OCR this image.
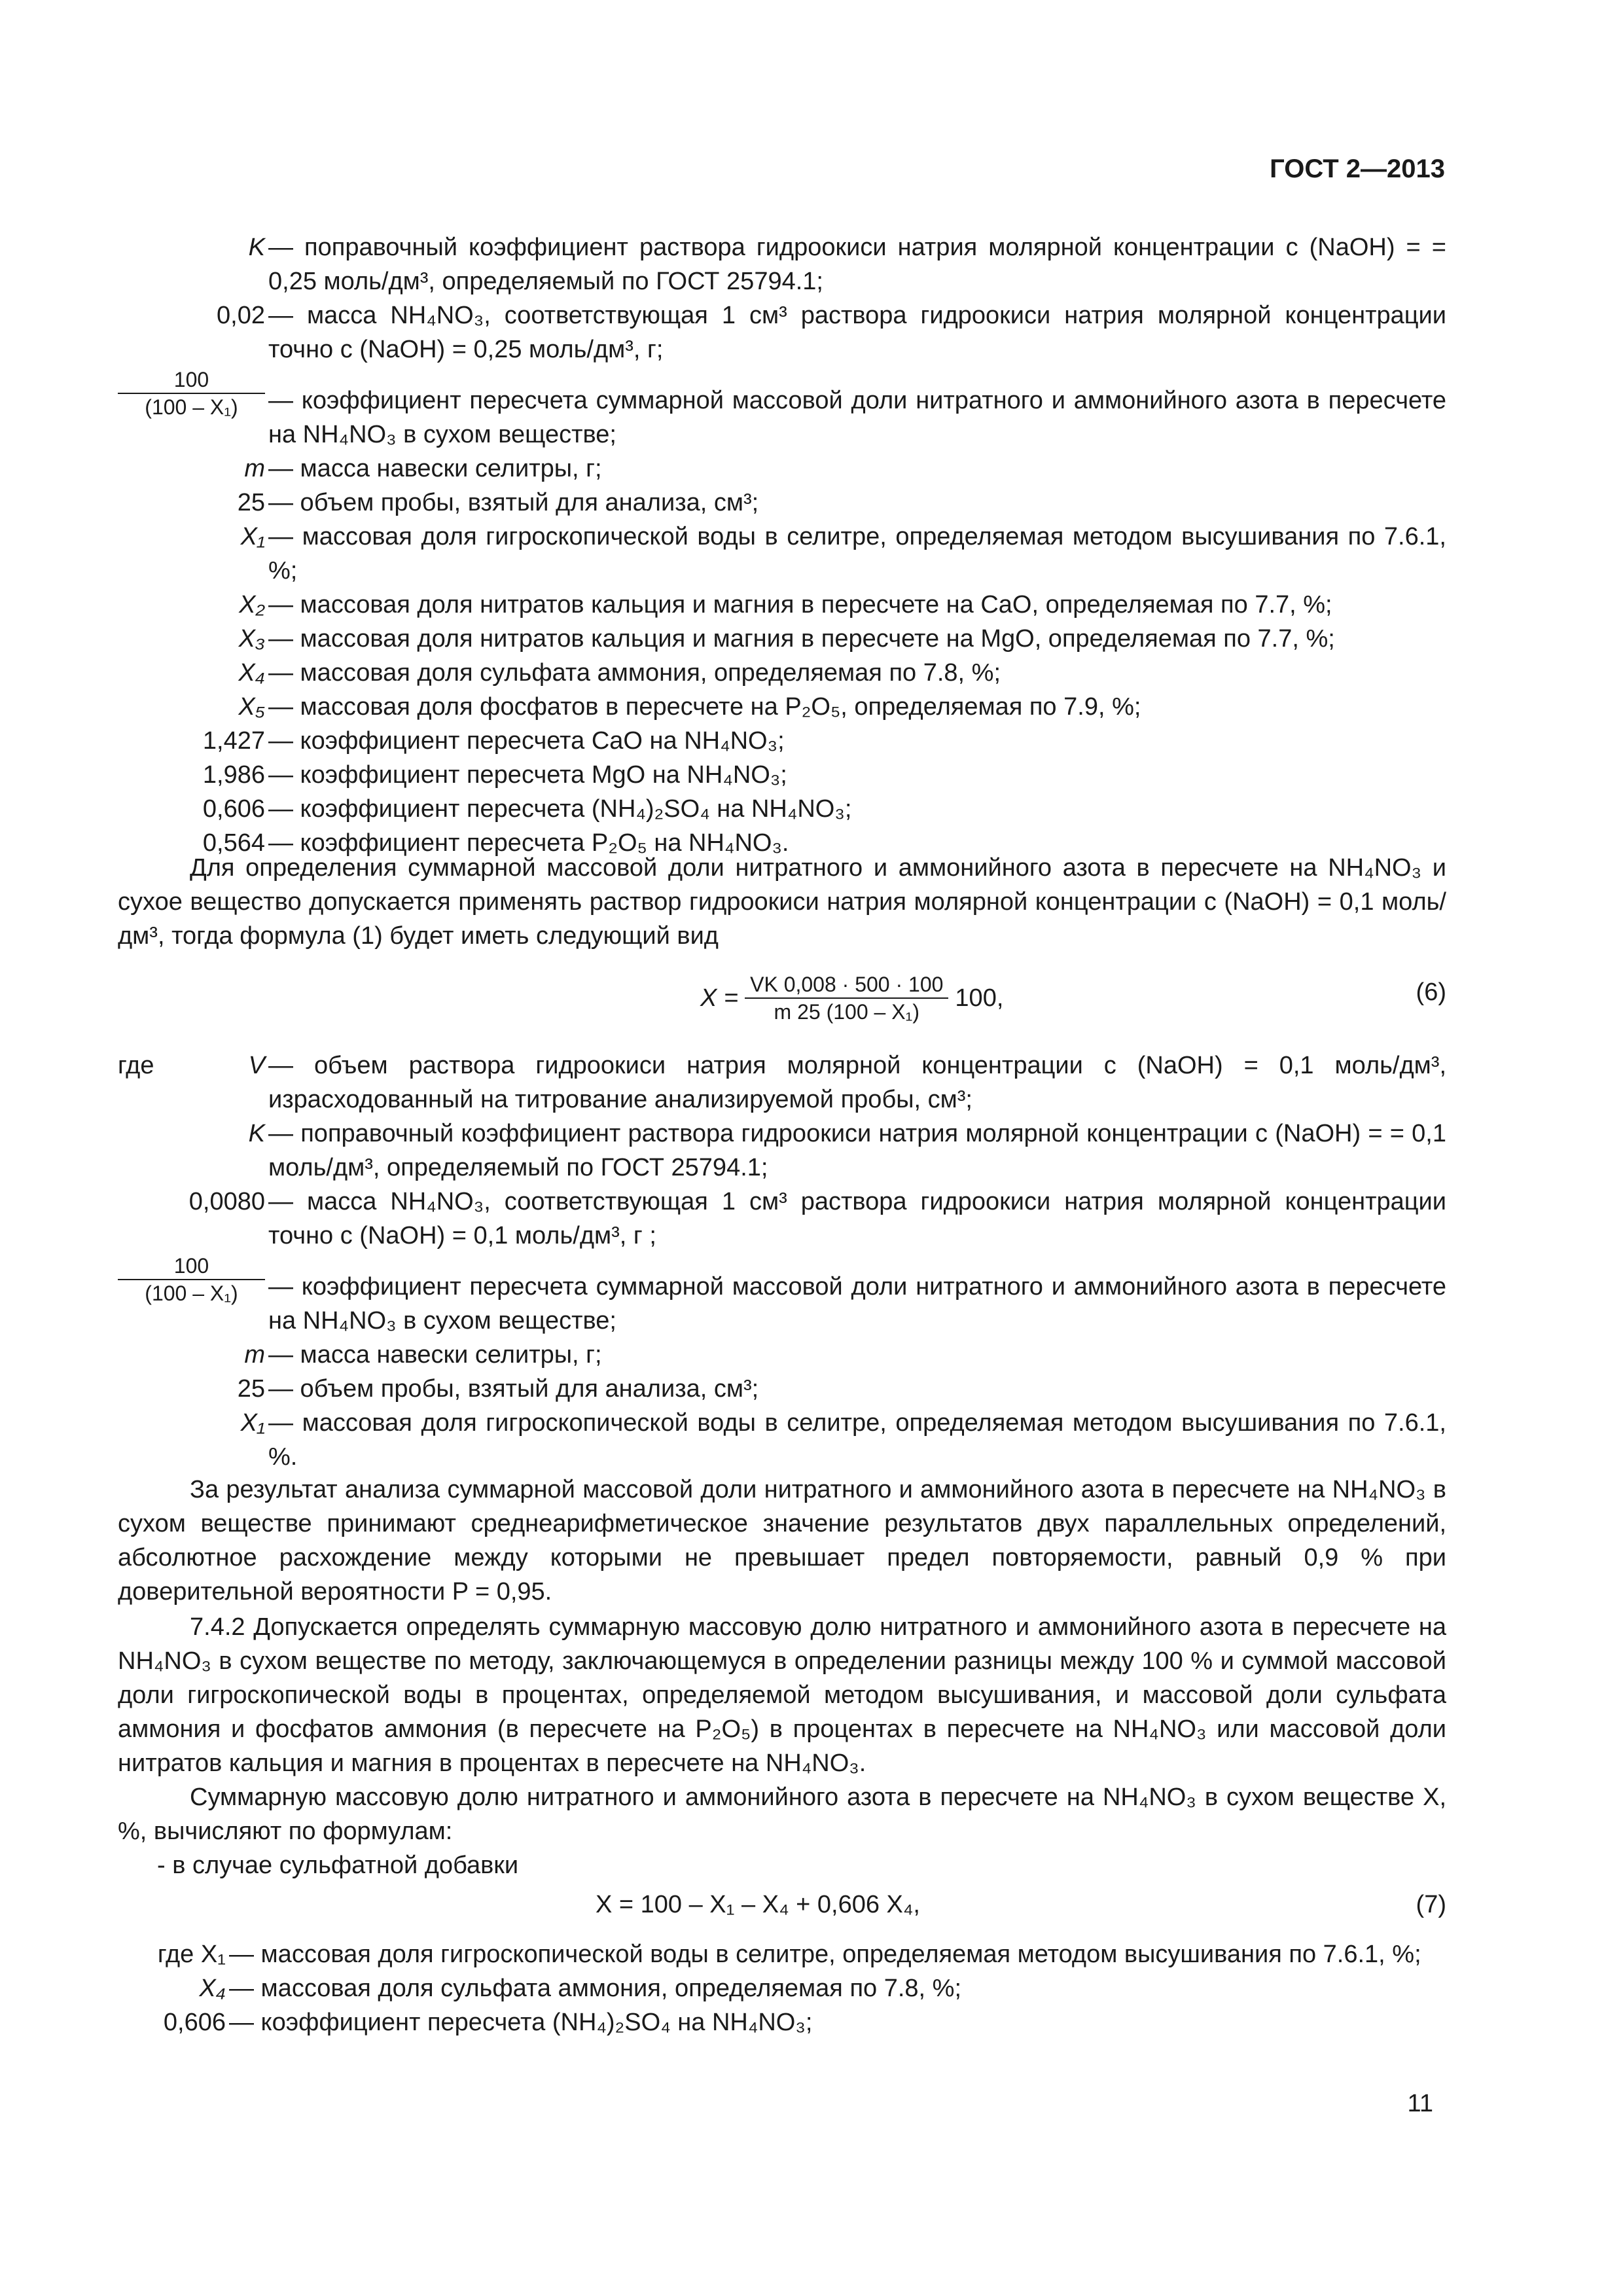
ГОСТ 2—2013
K — поправочный коэффициент раствора гидроокиси натрия молярной концентрации c (NaOH) = = 0,25 моль/дм³, определяемый по ГОСТ 25794.1;
0,02 — масса NH₄NO₃, соответствующая 1 см³ раствора гидроокиси натрия молярной концентрации точно c (NaOH) = 0,25 моль/дм³, г;
$\frac{100}{\text{(100 – X₁)}}$ — коэффициент пересчета суммарной массовой доли нитратного и аммонийного азота в пересчете на NH₄NO₃ в сухом веществе;
m — масса навески селитры, г;
25 — объем пробы, взятый для анализа, см³;
X₁ — массовая доля гигроскопической воды в селитре, определяемая методом высушивания по 7.6.1, %;
X₂ — массовая доля нитратов кальция и магния в пересчете на CaO, определяемая по 7.7, %;
X₃ — массовая доля нитратов кальция и магния в пересчете на MgO, определяемая по 7.7, %;
X₄ — массовая доля сульфата аммония, определяемая по 7.8, %;
X₅ — массовая доля фосфатов в пересчете на P₂O₅, определяемая по 7.9, %;
1,427 — коэффициент пересчета CaO на NH₄NO₃;
1,986 — коэффициент пересчета MgO на NH₄NO₃;
0,606 — коэффициент пересчета (NH₄)₂SO₄ на NH₄NO₃;
0,564 — коэффициент пересчета P₂O₅ на NH₄NO₃.

Для определения суммарной массовой доли нитратного и аммонийного азота в пересчете на NH₄NO₃ и сухое вещество допускается применять раствор гидроокиси натрия молярной концентрации c (NaOH) = 0,1 моль/дм³, тогда формула (1) будет иметь следующий вид

$X = \frac{VK 0,008 \cdot 500 \cdot 100}{\text{m 25 (100 – X₁)}} 100$,	(6)
где	V — объем раствора гидроокиси натрия молярной концентрации c (NaOH) = 0,1 моль/дм³, израсходованный на титрование анализируемой пробы, см³;
K — поправочный коэффициент раствора гидроокиси натрия молярной концентрации c (NaOH) = = 0,1 моль/дм³, определяемый по ГОСТ 25794.1;
0,0080 — масса NH₄NO₃, соответствующая 1 см³ раствора гидроокиси натрия молярной концентрации точно c (NaOH) = 0,1 моль/дм³, г ;
$\frac{100}{\text{(100 – X₁)}}$ — коэффициент пересчета суммарной массовой доли нитратного и аммонийного азота в пересчете на NH₄NO₃ в сухом веществе;
m — масса навески селитры, г;
25 — объем пробы, взятый для анализа, см³;
X₁ — массовая доля гигроскопической воды в селитре, определяемая методом высушивания по 7.6.1, %.

За результат анализа суммарной массовой доли нитратного и аммонийного азота в пересчете на NH₄NO₃ в сухом веществе принимают среднеарифметическое значение результатов двух параллельных определений, абсолютное расхождение между которыми не превышает предел повторяемости, равный 0,9 % при доверительной вероятности P = 0,95.

7.4.2 Допускается определять суммарную массовую долю нитратного и аммонийного азота в пересчете на NH₄NO₃ в сухом веществе по методу, заключающемуся в определении разницы между 100 % и суммой массовой доли гигроскопической воды в процентах, определяемой методом высушивания, и массовой доли сульфата аммония и фосфатов аммония (в пересчете на P₂O₅) в процентах в пересчете на NH₄NO₃ или массовой доли нитратов кальция и магния в процентах в пересчете на NH₄NO₃.

Суммарную массовую долю нитратного и аммонийного азота в пересчете на NH₄NO₃ в сухом веществе X, %, вычисляют по формулам:

- в случае сульфатной добавки

X = 100 – X₁ – X₄ + 0,606 X₄,	(7)
где X₁ — массовая доля гигроскопической воды в селитре, определяемая методом высушивания по 7.6.1, %;
X₄ — массовая доля сульфата аммония, определяемая по 7.8, %;
0,606 — коэффициент пересчета (NH₄)₂SO₄ на NH₄NO₃;
11
